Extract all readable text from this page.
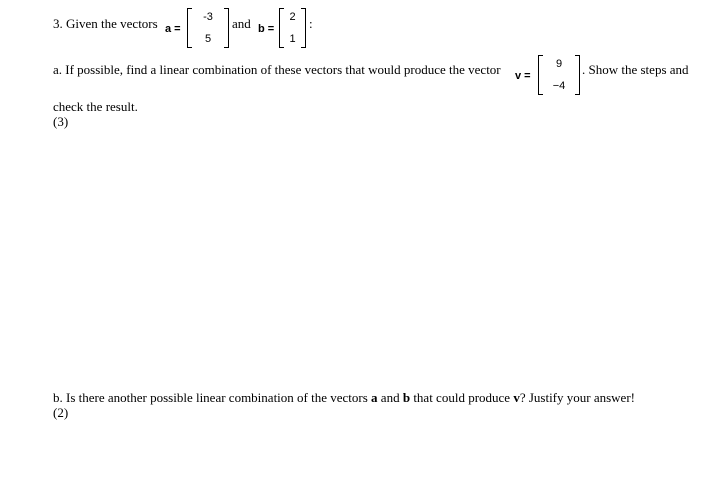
3. Given the vectors a =
-3
5
and b =
2
1
:
a. If possible, find a linear combination of these vectors that would produce the vector v =
9
−4
. Show the steps and
check the result.
(3)
b. Is there another possible linear combination of the vectors a and b that could produce v? Justify your answer!
(2)
